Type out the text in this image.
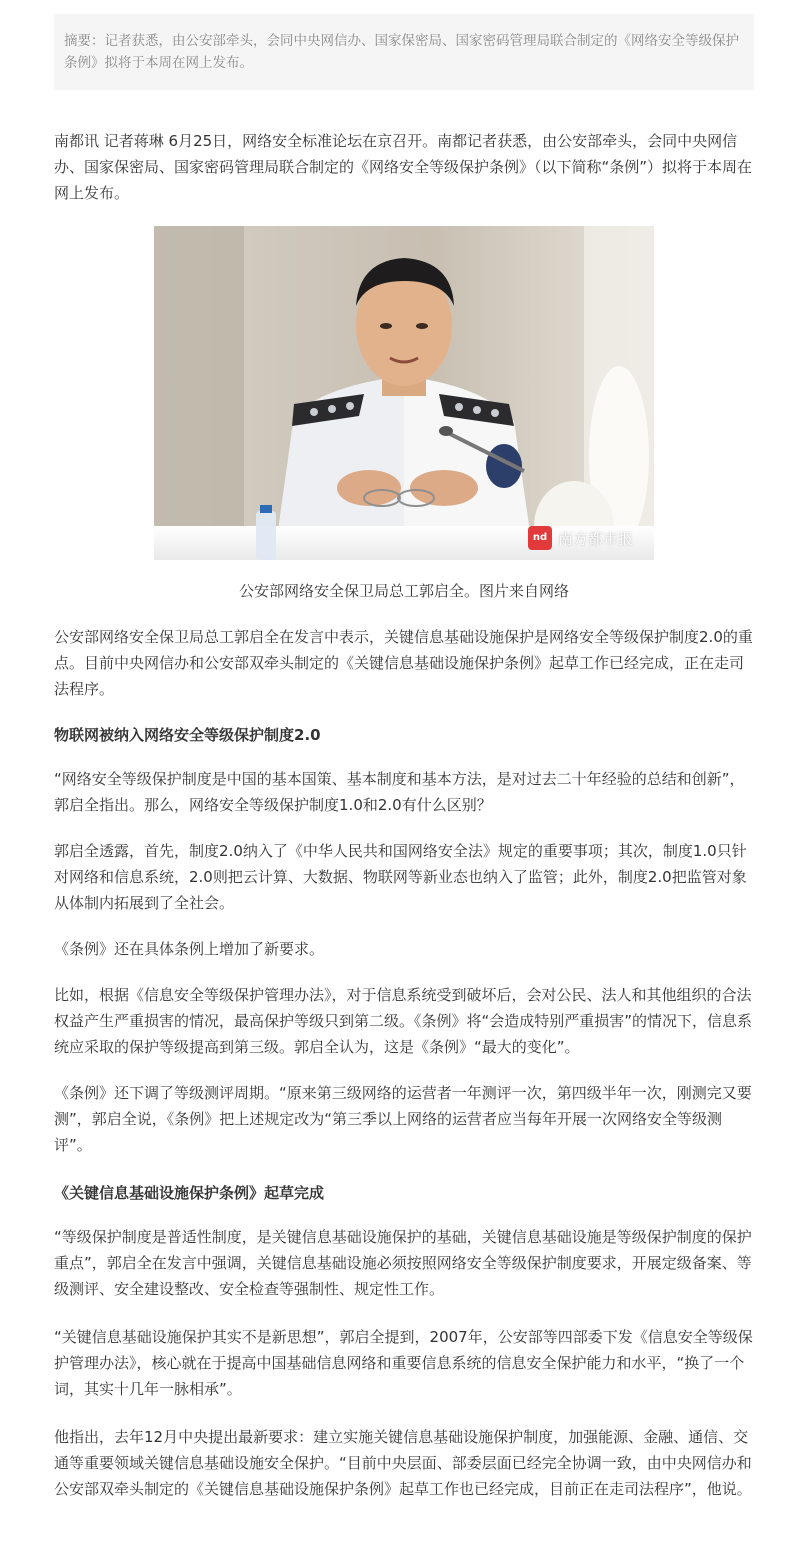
摘要：记者获悉，由公安部牵头，会同中央网信办、国家保密局、国家密码管理局联合制定的《网络安全等级保护条例》拟将于本周在网上发布。

南都讯 记者蒋琳 6月25日，网络安全标准论坛在京召开。南都记者获悉，由公安部牵头，会同中央网信办、国家保密局、国家密码管理局联合制定的《网络安全等级保护条例》（以下简称“条例”）拟将于本周在网上发布。

nd 南方都市报

公安部网络安全保卫局总工郭启全。图片来自网络

公安部网络安全保卫局总工郭启全在发言中表示，关键信息基础设施保护是网络安全等级保护制度2.0的重点。目前中央网信办和公安部双牵头制定的《关键信息基础设施保护条例》起草工作已经完成，正在走司法程序。

物联网被纳入网络安全等级保护制度2.0

“网络安全等级保护制度是中国的基本国策、基本制度和基本方法，是对过去二十年经验的总结和创新”，郭启全指出。那么，网络安全等级保护制度1.0和2.0有什么区别？

郭启全透露，首先，制度2.0纳入了《中华人民共和国网络安全法》规定的重要事项；其次，制度1.0只针对网络和信息系统，2.0则把云计算、大数据、物联网等新业态也纳入了监管；此外，制度2.0把监管对象从体制内拓展到了全社会。

《条例》还在具体条例上增加了新要求。

比如，根据《信息安全等级保护管理办法》，对于信息系统受到破坏后，会对公民、法人和其他组织的合法权益产生严重损害的情况，最高保护等级只到第二级。《条例》将“会造成特别严重损害”的情况下，信息系统应采取的保护等级提高到第三级。郭启全认为，这是《条例》“最大的变化”。

《条例》还下调了等级测评周期。“原来第三级网络的运营者一年测评一次，第四级半年一次，刚测完又要测”，郭启全说，《条例》把上述规定改为“第三季以上网络的运营者应当每年开展一次网络安全等级测评”。

《关键信息基础设施保护条例》起草完成

“等级保护制度是普适性制度，是关键信息基础设施保护的基础，关键信息基础设施是等级保护制度的保护重点”，郭启全在发言中强调，关键信息基础设施必须按照网络安全等级保护制度要求，开展定级备案、等级测评、安全建设整改、安全检查等强制性、规定性工作。

“关键信息基础设施保护其实不是新思想”，郭启全提到，2007年，公安部等四部委下发《信息安全等级保护管理办法》，核心就在于提高中国基础信息网络和重要信息系统的信息安全保护能力和水平，“换了一个词，其实十几年一脉相承”。

他指出，去年12月中央提出最新要求：建立实施关键信息基础设施保护制度，加强能源、金融、通信、交通等重要领域关键信息基础设施安全保护。“目前中央层面、部委层面已经完全协调一致，由中央网信办和公安部双牵头制定的《关键信息基础设施保护条例》起草工作也已经完成，目前正在走司法程序”，他说。
